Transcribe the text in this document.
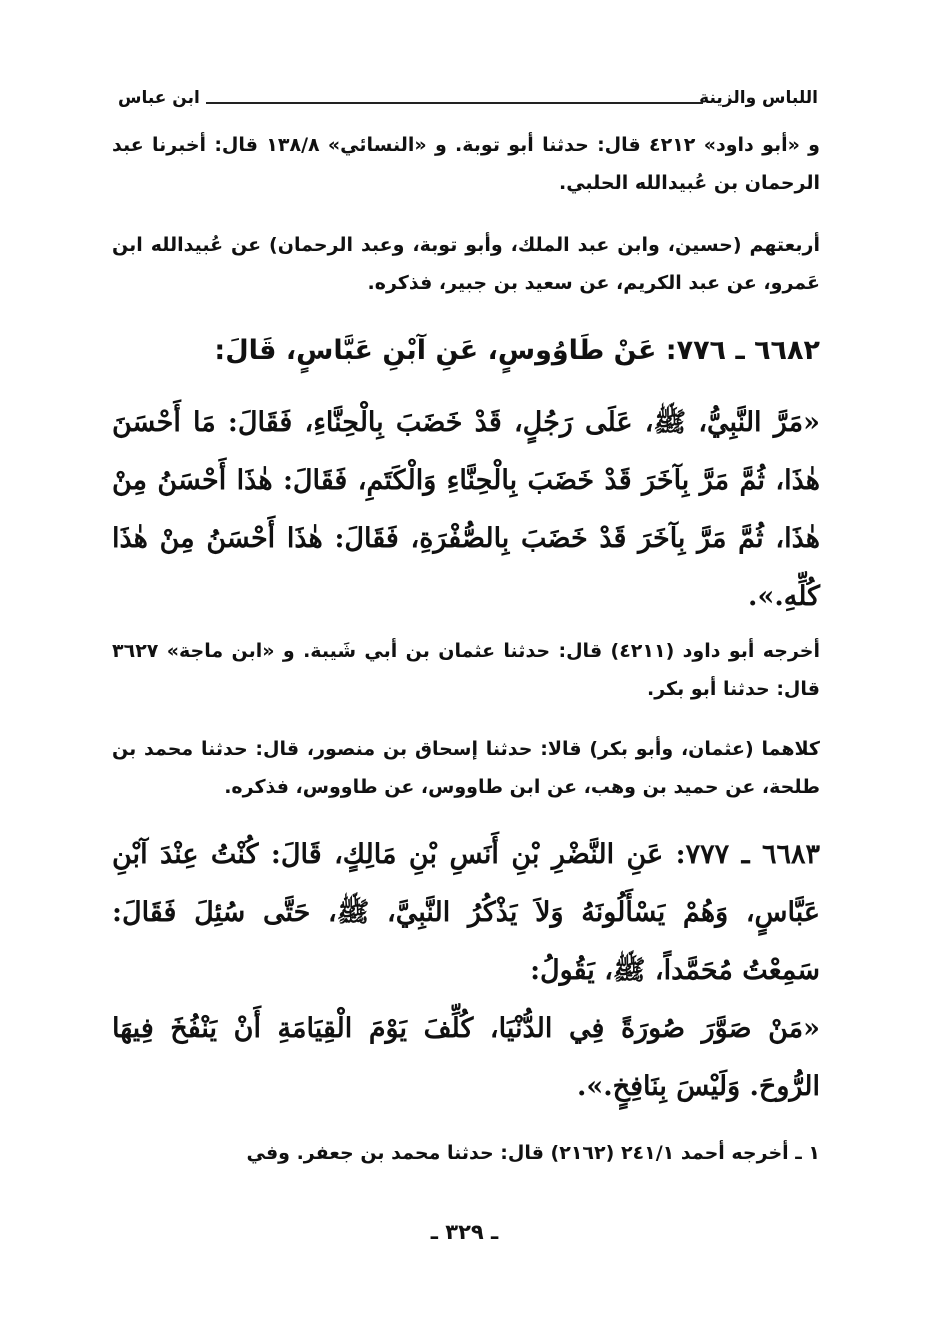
اللباس والزينة
ابن عباس
و «أبو داود» ٤٢١٢ قال: حدثنا أبو توبة. و «النسائي» ١٣٨/٨ قال: أخبرنا عبد الرحمان بن عُبيدالله الحلبي.
أربعتهم (حسين، وابن عبد الملك، وأبو توبة، وعبد الرحمان) عن عُبيدالله ابن عَمرو، عن عبد الكريم، عن سعيد بن جبير، فذكره.
٦٦٨٢ ـ ٧٧٦: عَنْ طَاوُوسٍ، عَنِ آبْنِ عَبَّاسٍ، قَالَ:
«مَرَّ النَّبِيُّ، ﷺ، عَلَى رَجُلٍ، قَدْ خَضَبَ بِالْحِنَّاءِ، فَقَالَ: مَا أَحْسَنَ هٰذَا، ثُمَّ مَرَّ بِآخَرَ قَدْ خَضَبَ بِالْحِنَّاءِ وَالْكَتَمِ، فَقَالَ: هٰذَا أَحْسَنُ مِنْ هٰذَا، ثُمَّ مَرَّ بِآخَرَ قَدْ خَضَبَ بِالصُّفْرَةِ، فَقَالَ: هٰذَا أَحْسَنُ مِنْ هٰذَا كُلِّهِ.».
أخرجه أبو داود (٤٢١١) قال: حدثنا عثمان بن أبي شَيبة. و «ابن ماجة» ٣٦٢٧ قال: حدثنا أبو بكر.
كلاهما (عثمان، وأبو بكر) قالا: حدثنا إسحاق بن منصور، قال: حدثنا محمد بن طلحة، عن حميد بن وهب، عن ابن طاووس، عن طاووس، فذكره.
٦٦٨٣ ـ ٧٧٧: عَنِ النَّضْرِ بْنِ أَنَسِ بْنِ مَالِكٍ، قَالَ: كُنْتُ عِنْدَ آبْنِ عَبَّاسٍ، وَهُمْ يَسْأَلُونَهُ وَلاَ يَذْكُرُ النَّبِيَّ، ﷺ، حَتَّى سُئِلَ فَقَالَ: سَمِعْتُ مُحَمَّداً، ﷺ، يَقُولُ:
«مَنْ صَوَّرَ صُورَةً فِي الدُّنْيَا، كُلِّفَ يَوْمَ الْقِيَامَةِ أَنْ يَنْفُخَ فِيهَا الرُّوحَ. وَلَيْسَ بِنَافِخٍ.».
١ ـ أخرجه أحمد ٢٤١/١ (٢١٦٢) قال: حدثنا محمد بن جعفر. وفي
ـ ٣٢٩ ـ
